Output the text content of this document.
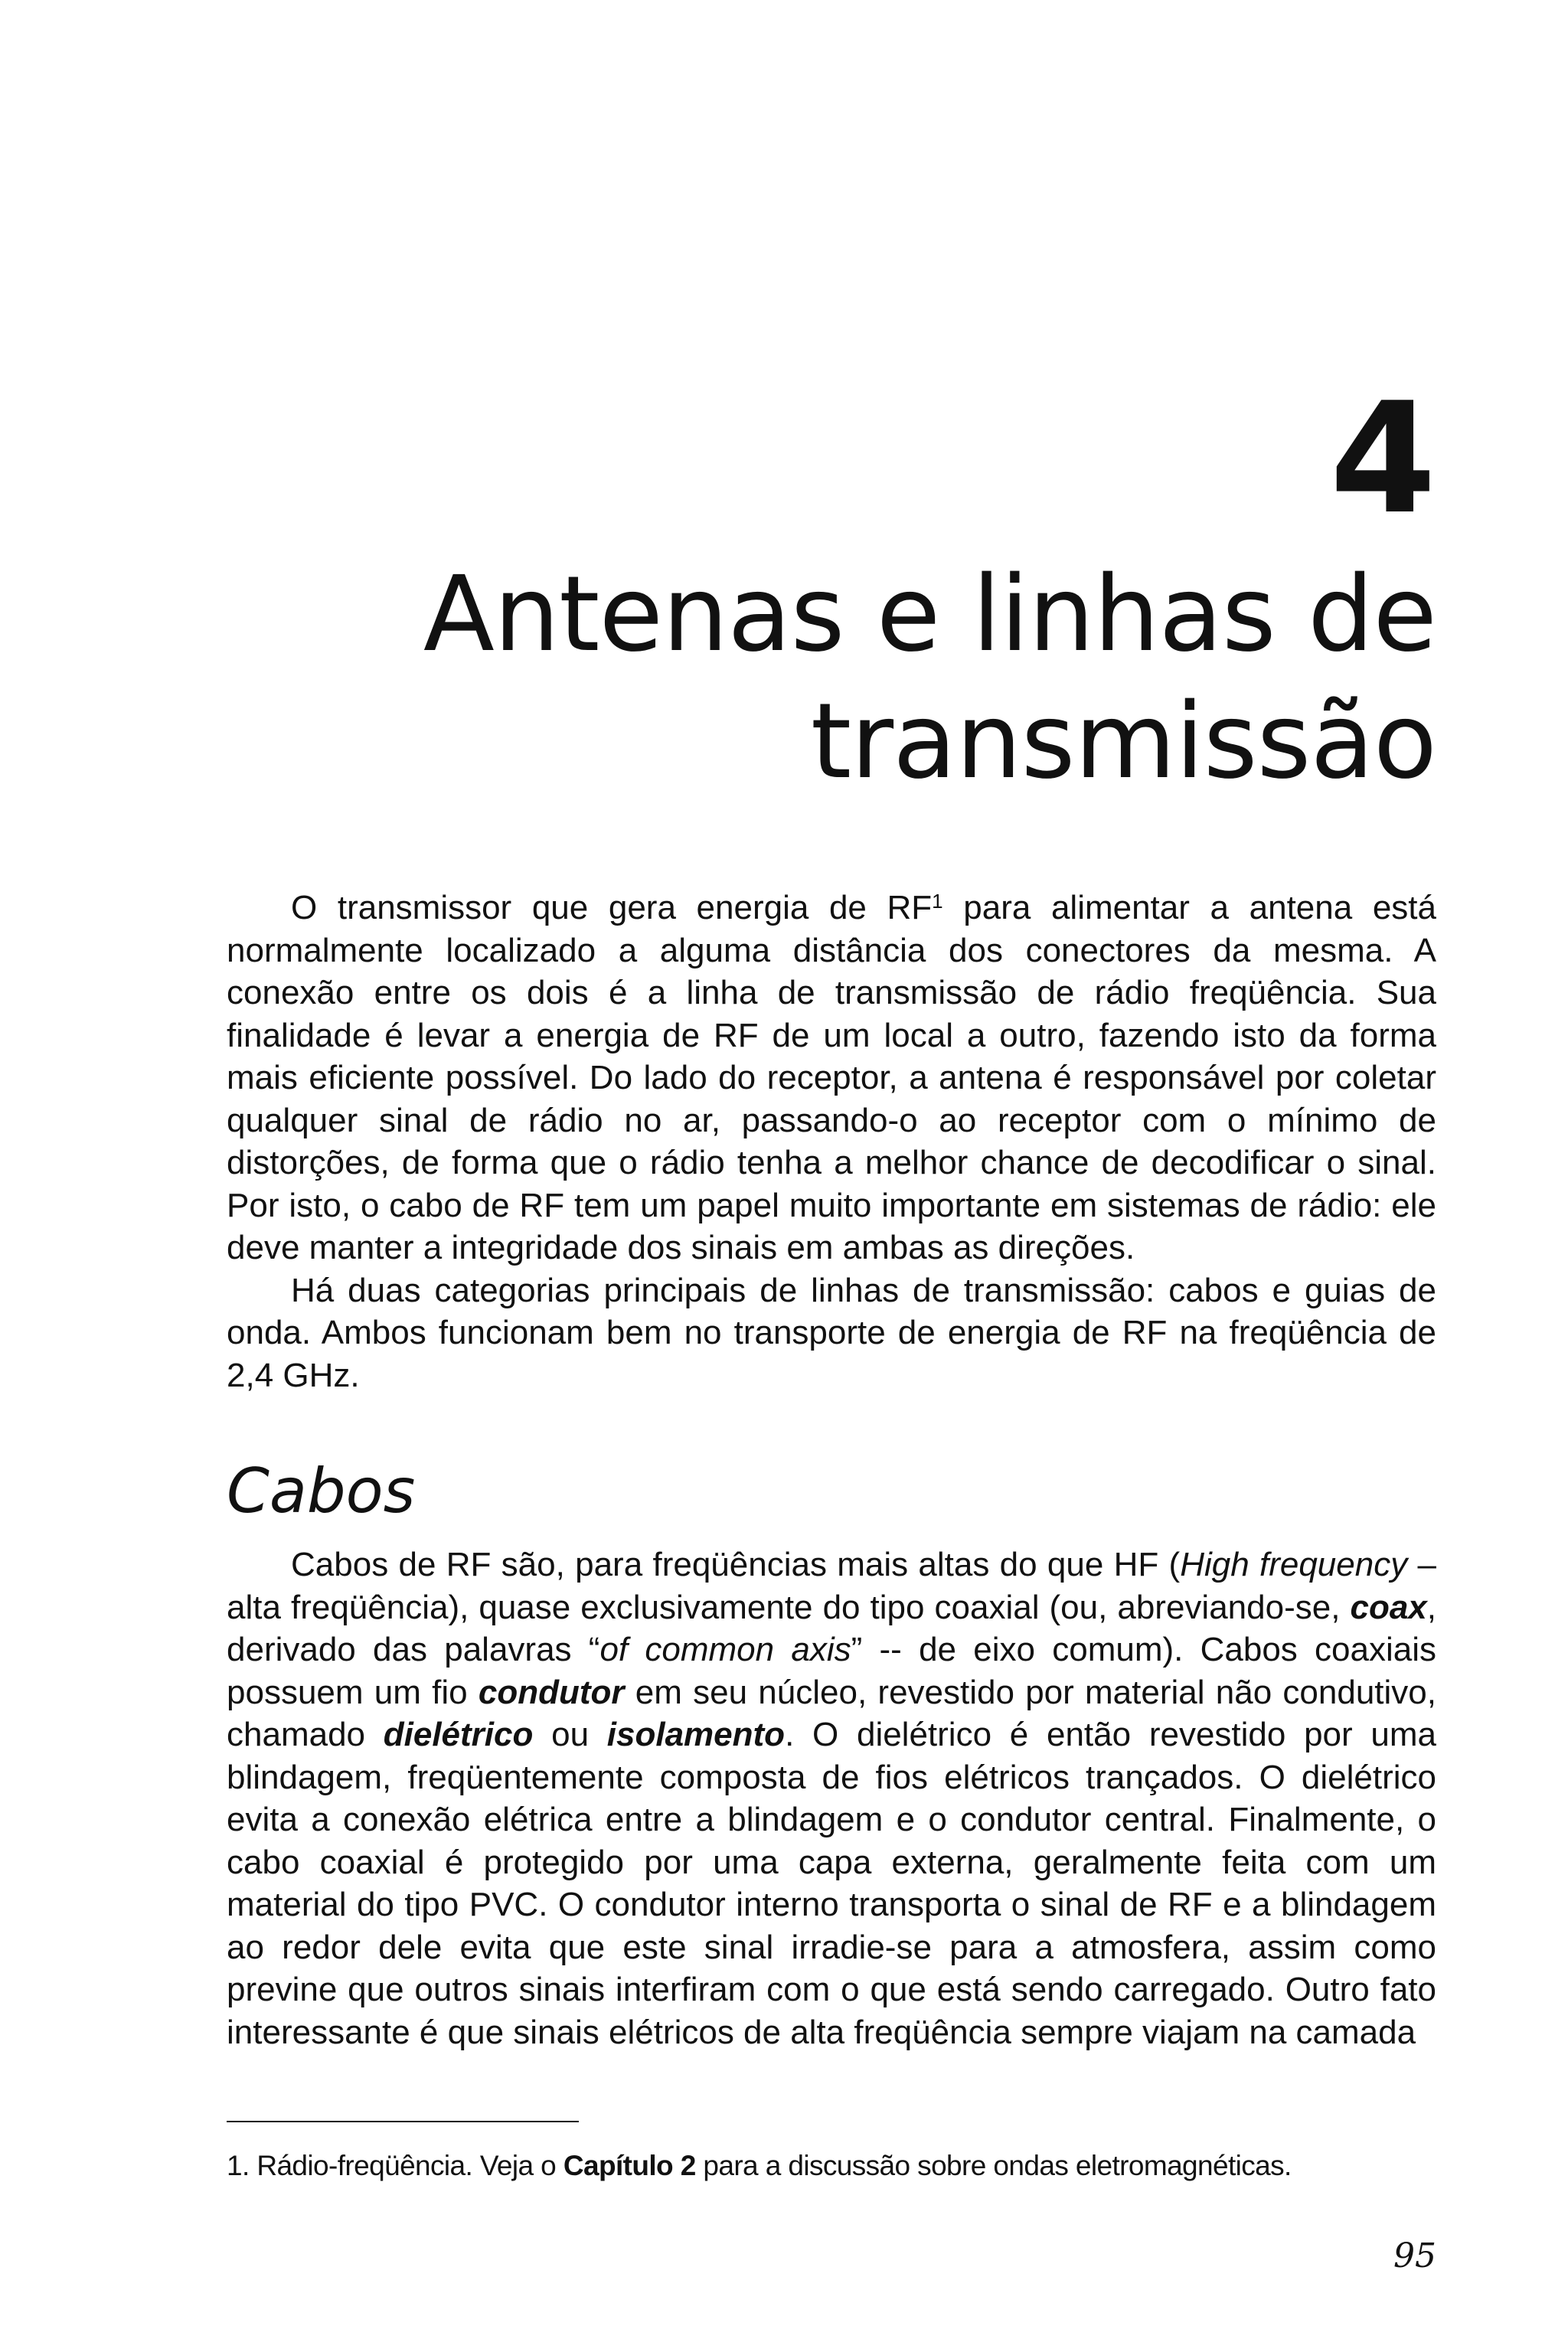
4
Antenas e linhas de transmissão

O transmissor que gera energia de $RF^1$ para alimentar a antena está normalmente localizado a alguma distância dos conectores da mesma. A conexão entre os dois é a linha de transmissão de rádio freqüência. Sua finalidade é levar a energia de RF de um local a outro, fazendo isto da forma mais eficiente possível. Do lado do receptor, a antena é responsável por coletar qualquer sinal de rádio no ar, passando-o ao receptor com o mínimo de distorções, de forma que o rádio tenha a melhor chance de decodificar o sinal. Por isto, o cabo de RF tem um papel muito importante em sistemas de rádio: ele deve manter a integridade dos sinais em ambas as direções.

Há duas categorias principais de linhas de transmissão: cabos e guias de onda. Ambos funcionam bem no transporte de energia de RF na freqüência de 2,4 GHz.

Cabos

Cabos de RF são, para freqüências mais altas do que HF (High frequency – alta freqüência), quase exclusivamente do tipo coaxial (ou, abreviando-se, coax, derivado das palavras “of common axis” -- de eixo comum). Cabos coaxiais possuem um fio condutor em seu núcleo, revestido por material não condutivo, chamado dielétrico ou isolamento. O dielétrico é então revestido por uma blindagem, freqüentemente composta de fios elétricos trançados. O dielétrico evita a conexão elétrica entre a blindagem e o condutor central. Finalmente, o cabo coaxial é protegido por uma capa externa, geralmente feita com um material do tipo PVC. O condutor interno transporta o sinal de RF e a blindagem ao redor dele evita que este sinal irradie-se para a atmosfera, assim como previne que outros sinais interfiram com o que está sendo carregado. Outro fato interessante é que sinais elétricos de alta freqüência sempre viajam na camada

1. Rádio-freqüência. Veja o Capítulo 2 para a discussão sobre ondas eletromagnéticas.

95
